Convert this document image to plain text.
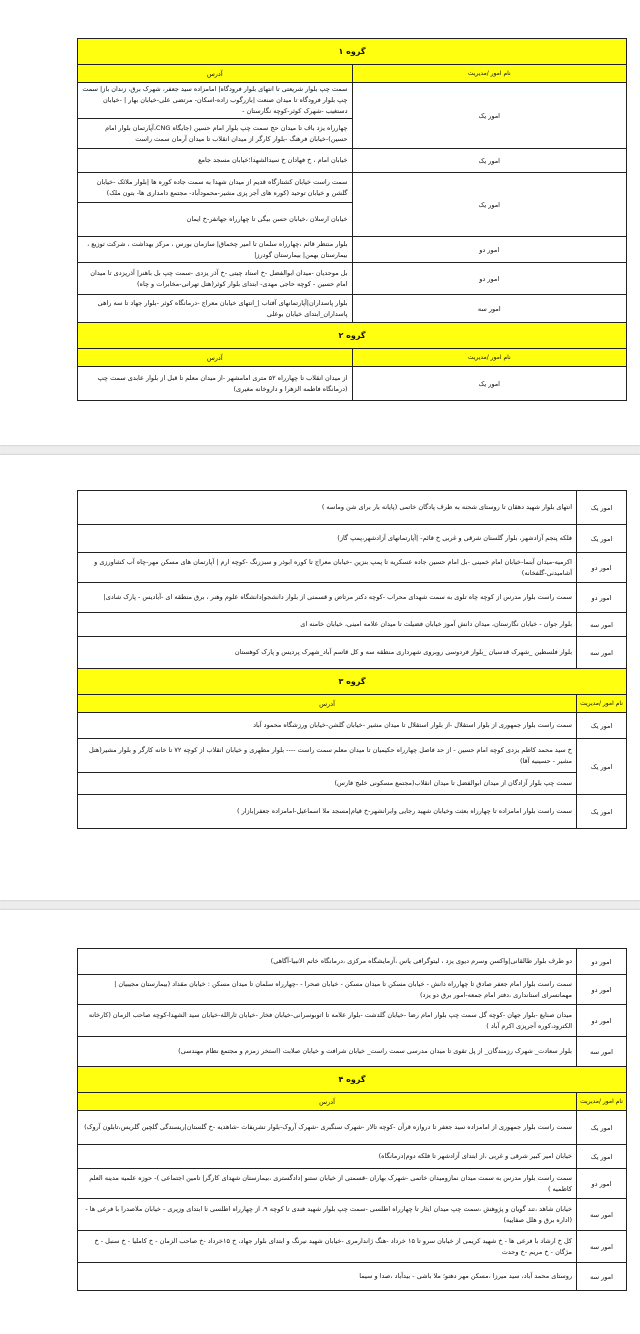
گروه ۱	
نام امور /مدیریت	آدرس
امور یک	سمت چپ بلوار شریعتی تا انتهای بلوار فرودگاه| امامزاده سید جعفر، شهرک برق، زندان باز| سمت چپ بلوار فرودگاه تا میدان صنعت |بازرگوب زاده-اسکان- مرتضی علی-خیابان بهار | -خیابان دستغیب -شهرک کوثر-کوچه نگارستان -
	چهارراه یزد باف تا میدان حج سمت چپ بلوار امام حسین (جایگاه CNG،آپارتمان بلوار امام حسین)-خیابان فرهنگ -بلوار کارگر از میدان انقلاب تا میدان آرمان سمت راست
امور یک	خیابان امام ، خ فهادان خ سیدالشهدا؛خیابان مسجد جامع
امور یک	سمت راست خیابان کشتارگاه قدیم از میدان شهدا به سمت جاده کوره ها |بلوار ملائک -خیابان گلشن و خیابان توحید (کوره های آجر پزی مشیر-محمودآباد- مجتمع دامداری ها- بتون ملک)
	خیابان ارسلان ،خیابان حسن بیگی تا چهارراه جهانفر-خ ایمان
امور دو	بلوار منتظر قائم ،چهارراه سلمان تا امیر چخماق| سازمان بورس ، مرکز بهداشت ، شرکت توزیع ، بیمارستان بهمن| بیمارستان گودرز|
امور دو	بل موحدیان -میدان ابوالفضل -خ استاد چیتی -خ آذر یزدی -سمت چپ بل باهنر| آذریزدی تا میدان امام حسین - کوچه حاجی مهدی- ابتدای بلوار کوثر(هتل تهرانی-مخابرات و چاه)
امور سه	بلوار پاسداران|آپارتمانهای آفتاب |_انتهای خیابان معراج -درمانگاه کوثر -بلوار جهاد تا سه راهی پاسداران_ابتدای خیابان بوعلی
گروه ۲	
نام امور /مدیریت	آدرس
امور یک	از میدان انقلاب تا چهارراه ۵۲ متری امامشهر -از میدان معلم تا قبل از بلوار عابدی سمت چپ (درمانگاه فاطمه الزهرا و داروخانه مغیری)
امور یک	انتهای بلوار شهید دهقان تا روستای شحنه به طرف پادگان خاتمی (پایانه بار برای شن وماسه )
امور یک	فلکه پنجم آزادشهر، بلوار گلستان شرقی و غربی خ قائم- |آپارتمانهای آزادشهر،پمپ گاز)
امور دو	اکرمیه-میدان آبنما-خیابان امام خمینی -بل امام حسین جاده عسکریه تا پمپ بنزین -خیابان معراج تا کوره ابوذر و سبزرنگ -کوچه ارم | آپارتمان های مسکن مهر-چاه آب کشاورزی و آشامیدنی-گلفخانه)
امور دو	سمت راست بلوار مدرس از کوچه چاه تلوی به سمت شهدای محراب -کوچه دکتر مرتاض و قسمتی از بلوار دانشجو|دانشگاه علوم وهنر ، برق منطقه ای -آبادیس - پارک شادی|
امور سه	بلوار جوان - خیابان نگارستان، میدان دانش آموز خیابان فضیلت تا میدان علامه امینی، خیابان خامنه ای
امور سه	بلوار فلسطین _شهرک قدسیان _بلوار فردوسی روبروی شهرداری منطقه سه و کل قاسم آباد_شهرک پردیس و پارک کوهستان
گروه ۳	
نام امور /مدیریت	آدرس
امور یک	سمت راست بلوار جمهوری از بلوار استقلال -از بلوار استقلال تا میدان مشیر -خیابان گلشن-خیابان ورزشگاه محمود آباد
امور یک	خ سید محمد کاظم یزدی کوچه امام حسین - از حد فاصل چهارراه حکیمیان تا میدان معلم سمت راست ---- بلوار مطهری و خیابان انقلاب از کوچه ۷۲ تا خانه کارگر و بلوار مشیر(هتل مشیر - حسینیه آقا)
	سمت چپ بلوار آزادگان از میدان ابوالفضل تا میدان انقلاب(مجتمع مسکونی خلیج فارس)
امور یک	سمت راست بلوار امامزاده تا چهارراه بعثت وخیابان شهید رجایی وابرانشهر-خ قیام|مسجد ملا اسماعیل-امامزاده جعفر|بازار )
امور دو	دو طرف بلوار طالقانی|واکسن وسرم دیوی یزد ، لیتوگرافی یاس ،آزمایشگاه مرکزی ،درمانگاه خاتم الانبیا-آگاهی)
امور دو	سمت راست بلوار امام جعفر صادق تا چهارراه دانش - خیابان مسکن تا میدان مسکن - خیابان صحرا - -چهارراه سلمان تا میدان مسکن : خیابان مقداد (بیمارستان مجیبیان | مهمانسرای استانداری ،دفتر امام جمعه-امور برق دو یزد)
امور دو	میدان صنایع -بلوار جهان -کوچه گل سمت چپ بلوار امام رضا -خیابان گلدشت -بلوار علامه تا اتوبوسرانی-خیابان فخار -خیابان ثارالله-خیابان سید الشهدا-کوچه صاحب الزمان (کارخانه الکترود،کوره آجرپزی اکرم آباد )
امور سه	بلوار سعادت_ شهرک رزمندگان_ از پل تقوی تا میدان مدرسی سمت راست_ خیابان شرافت و خیابان صلابت (استخر زمزم و مجتمع نظام مهندسی)
گروه ۴	
نام امور /مدیریت	آدرس
امور یک	سمت راست بلوار جمهوری از امامزاده سید جعفر تا دروازه قرآن -کوچه تالار -شهرک سنگبری -شهرک آروک-بلوار تشریفات -شاهدیه -خ گلستان|ریسندگی گلچین گلریس،تابلون آروک)
امور یک	خیابان امیر کبیر شرقی و غربی ،از ابتدای آزادشهر تا فلکه دوم|درمانگاه)
امور دو	سمت راست بلوار مدرس به سمت میدان نمازومیدان خاتمی -شهرک بهاران -قسمتی از خیابان ستنو |دادگستری ،بیمارستان شهدای کارگر| تامین اجتماعی )- حوزه علمیه مدینه العلم کاظمیه )
امور سه	خیابان شاهد ،تند گویان و پژوهش ،سمت چپ میدان ایثار تا چهارراه اطلسی -سمت چپ بلوار شهید فندی تا کوچه ۹، از چهارراه اطلسی تا ابتدای وزیری - خیابان ملاصدرا با فرعی ها -(اداره برق و هلل صفاییه)
امور سه	کل خ ارشاد با فرعی ها - خ شهید کریمی از خیابان سرو تا ۱۵ خرداد -هنگ ژاندارمری -خیابان شهید نیرنگ و ابتدای بلوار جهاد، خ ۱۵خرداد -خ صاحب الزمان - خ کاملیا - خ سنبل - خ مژگان - خ مریم -خ وحدت
امور سه	روستای محمد آباد، سید میرزا ،مسکن مهر دهنو؛ ملا باشی - بیدآباد ،صدا و سیما
